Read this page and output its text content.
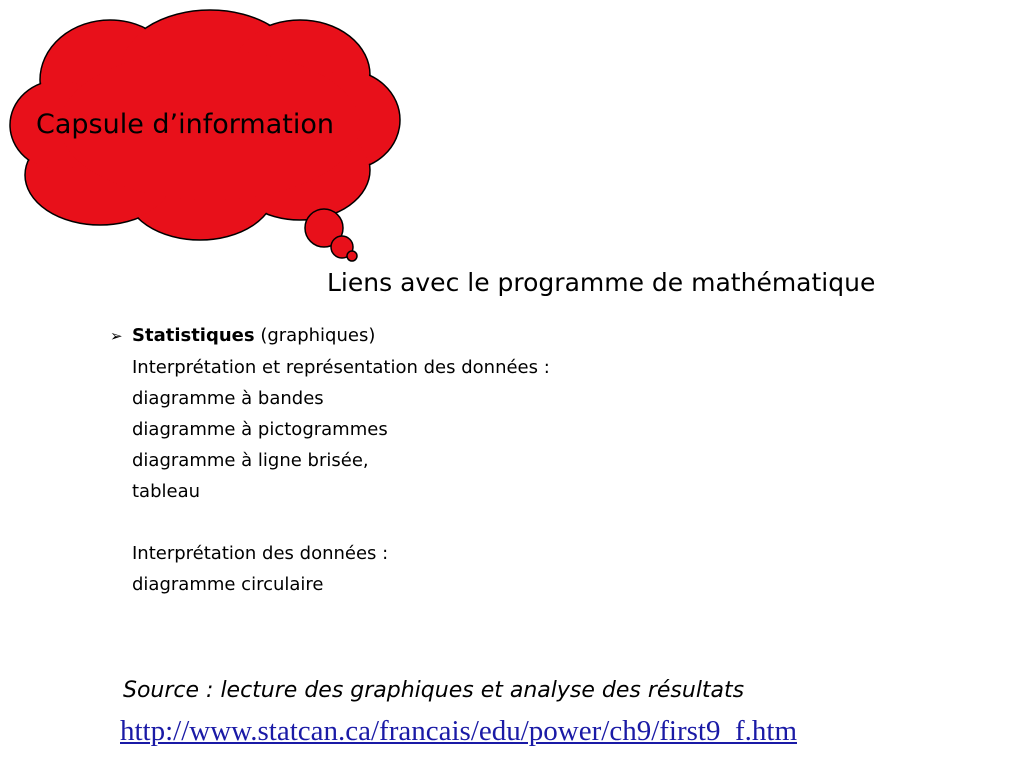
Capsule d’information
Liens avec le programme de mathématique
➢ Statistiques (graphiques)
Interprétation et représentation des données :
diagramme à bandes
diagramme à pictogrammes
diagramme à ligne brisée,
tableau
Interprétation des données :
diagramme circulaire
Source : lecture des graphiques et analyse des résultats
http://www.statcan.ca/francais/edu/power/ch9/first9_f.htm
